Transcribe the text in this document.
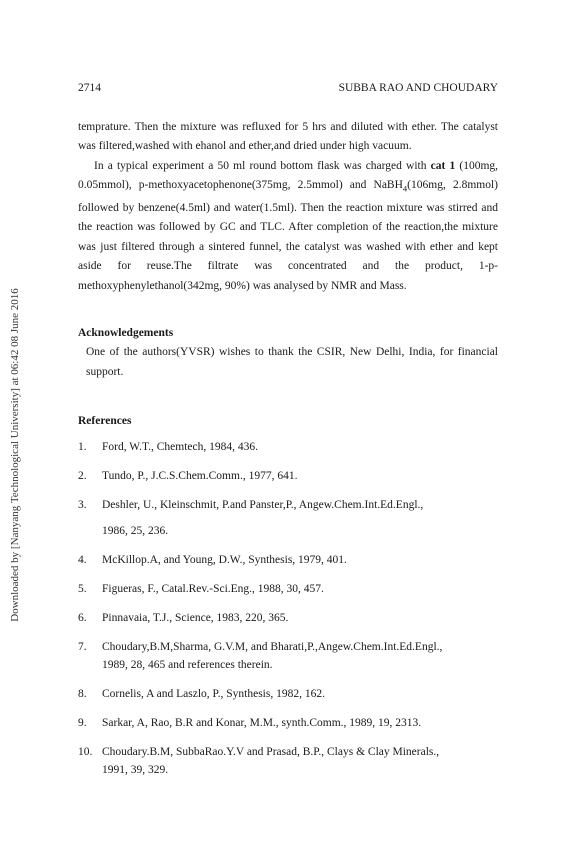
Downloaded by [Nanyang Technological University] at 06:42 08 June 2016
2714	SUBBA RAO AND CHOUDARY

temprature. Then the mixture was refluxed for 5 hrs and diluted with ether. The catalyst was filtered,washed with ehanol and ether,and dried under high vacuum.

In a typical experiment a 50 ml round bottom flask was charged with cat 1 (100mg, 0.05mmol), p-methoxyacetophenone(375mg, 2.5mmol) and NaBH$_4$(106mg, 2.8mmol) followed by benzene(4.5ml) and water(1.5ml). Then the reaction mixture was stirred and the reaction was followed by GC and TLC. After completion of the reaction,the mixture was just filtered through a sintered funnel, the catalyst was washed with ether and kept aside for reuse.The filtrate was concentrated and the product, 1-p-methoxyphenylethanol(342mg, 90%) was analysed by NMR and Mass.

Acknowledgements

One of the authors(YVSR) wishes to thank the CSIR, New Delhi, India, for financial support.

References

1. Ford, W.T., Chemtech, 1984, 436.
2. Tundo, P., J.C.S.Chem.Comm., 1977, 641.
3. Deshler, U., Kleinschmit, P.and Panster,P., Angew.Chem.Int.Ed.Engl.,
1986, 25, 236.
4. McKillop.A, and Young, D.W., Synthesis, 1979, 401.
5. Figueras, F., Catal.Rev.-Sci.Eng., 1988, 30, 457.
6. Pinnavaia, T.J., Science, 1983, 220, 365.
7. Choudary,B.M,Sharma, G.V.M, and Bharati,P.,Angew.Chem.Int.Ed.Engl.,
1989, 28, 465 and references therein.
8. Cornelis, A and Laszlo, P., Synthesis, 1982, 162.
9. Sarkar, A, Rao, B.R and Konar, M.M., synth.Comm., 1989, 19, 2313.
10. Choudary.B.M, SubbaRao.Y.V and Prasad, B.P., Clays & Clay Minerals.,
1991, 39, 329.
